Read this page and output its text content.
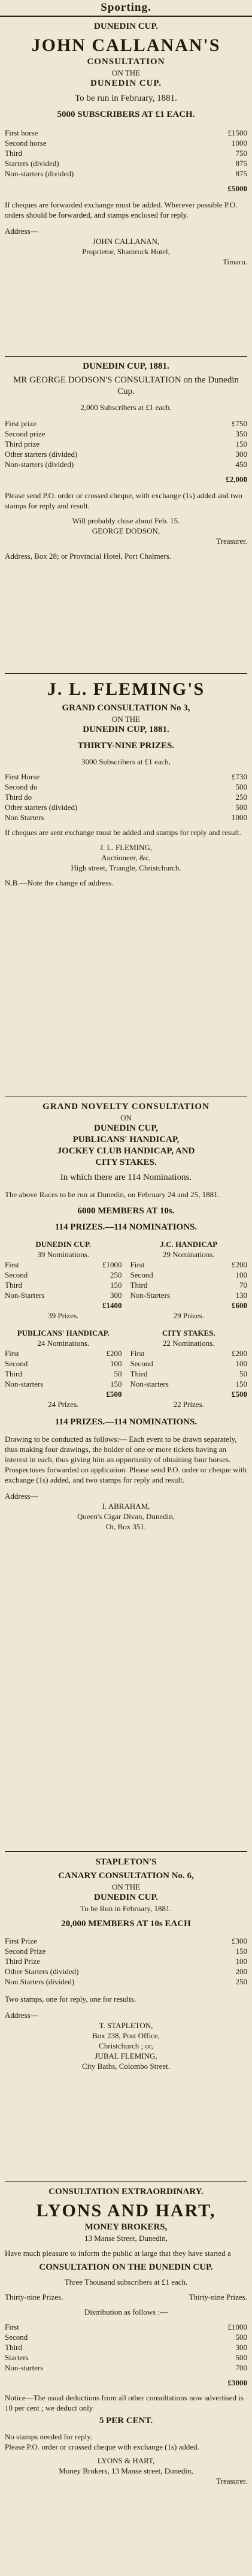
Sporting.
DUNEDIN CUP.
JOHN CALLANAN'S
CONSULTATION
ON THE
DUNEDIN CUP.
To be run in February, 1881.
5000 SUBSCRIBERS AT £1 EACH.
First horse	£1500
Second horse	1000
Third	750
Starters (divided)	875
Non-starters (divided)	875
£5000
If cheques are forwarded exchange must be added. Wherever possible P.O. orders should be forwarded, and stamps enclosed for reply.
Address—
JOHN CALLANAN,
Proprietor, Shamrock Hotel,
Timaru.
DUNEDIN CUP, 1881.
MR GEORGE DODSON'S CONSULTATION on the Dunedin Cup.
2,000 Subscribers at £1 each.
First prize	£750
Second prize	350
Third prize	150
Other starters (divided)	300
Non-starters (divided)	450
£2,000
Please send P.O. order or crossed cheque, with exchange (1s) added and two stamps for reply and result.
Will probably close about Feb. 15.
GEORGE DODSON,
Treasurer.
Address, Box 28; or Provincial Hotel, Port Chalmers.
J. L. FLEMING'S
GRAND CONSULTATION No 3,
ON THE
DUNEDIN CUP, 1881.
THIRTY-NINE PRIZES.
3000 Subscribers at £1 each,
First Horse	£730
Second do	500
Third do	250
Other starters (divided)	500
Non Starters	1000
If cheques are sent exchange must be added and stamps for reply and result.
J. L. FLEMING,
Auctioneer, &c,
High street, Triangle, Christchurch.
N.B.—Note the change of address.
GRAND NOVELTY CONSULTATION
ON
DUNEDIN CUP,
PUBLICANS' HANDICAP,
JOCKEY CLUB HANDICAP, AND
CITY STAKES.
In which there are 114 Nominations.
The above Races to be run at Dunedin, on February 24 and 25, 1881.
6000 MEMBERS AT 10s.
114 PRIZES.—114 NOMINATIONS.
DUNEDIN CUP.
39 Nominations.
First	£1000
Second	250
Third	150
Non-Starters	300
£1400
39 Prizes.
J.C. HANDICAP
29 Nominations.
First	£200
Second	100
Third	70
Non-Starters	130
£600
29 Prizes.
PUBLICANS' HANDICAP.
24 Nominations.
First	£200
Second	100
Third	50
Non-starters	150
£500
24 Prizes.
CITY STAKES.
22 Nominations.
First	£200
Second	100
Third	50
Non-starters	150
£500
22 Prizes.
114 PRIZES.—114 NOMINATIONS.
Drawing to be conducted as follows:— Each event to be drawn separately, thus making four drawings, the holder of one or more tickets having an interest in each, thus giving him an opportunity of obtaining four horses. Prospectuses forwarded on application. Please send P.O. order or cheque with exchange (1s) added, and two stamps for reply and result.
Address—
I. ABRAHAM,
Queen's Cigar Divan, Dunedin,
Or, Box 351.
STAPLETON'S
CANARY CONSULTATION No. 6,
ON THE
DUNEDIN CUP.
To be Run in February, 1881.
20,000 MEMBERS AT 10s EACH
First Prize	£300
Second Prize	150
Third Prize	100
Other Starters (divided)	200
Non Starters (divided)	250
Two stamps, one for reply, one for results.
Address—
T. STAPLETON,
Box 238, Post Office,
Christchurch ; or,
JUBAL FLEMING,
City Baths, Colombo Street.
CONSULTATION EXTRAORDINARY.
LYONS AND HART,
MONEY BROKERS,
13 Manse Street, Dunedin,
Have much pleasure to inform the public at large that they have started a
CONSULTATION ON THE DUNEDIN CUP.
Three Thousand subscribers at £1 each.
Thirty-nine Prizes.	Thirty-nine Prizes.
Distribution as follows :—
First	£1000
Second	500
Third	300
Starters	500
Non-starters	700
£3000
Notice—The usual deductions from all other consultations now advertised is 10 per cent ; we deduct only
5 PER CENT.
No stamps needed for reply.
Please P.O. order or crossed cheque with exchange (1s) added.
LYONS & HART,
Money Brokers, 13 Manse street, Dunedin,
Treasurer.
